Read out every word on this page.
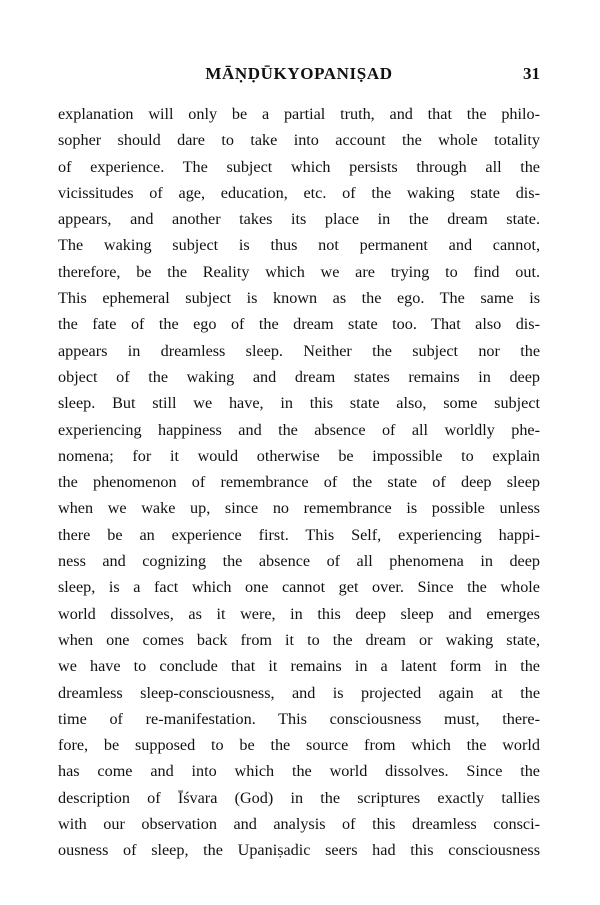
MĀṆḌŪKYOPANIṢAD	31
explanation will only be a partial truth, and that the philo-
sopher should dare to take into account the whole totality
of experience. The subject which persists through all the
vicissitudes of age, education, etc. of the waking state dis-
appears, and another takes its place in the dream state.
The waking subject is thus not permanent and cannot,
therefore, be the Reality which we are trying to find out.
This ephemeral subject is known as the ego. The same is
the fate of the ego of the dream state too. That also dis-
appears in dreamless sleep. Neither the subject nor the
object of the waking and dream states remains in deep
sleep. But still we have, in this state also, some subject
experiencing happiness and the absence of all worldly phe-
nomena; for it would otherwise be impossible to explain
the phenomenon of remembrance of the state of deep sleep
when we wake up, since no remembrance is possible unless
there be an experience first. This Self, experiencing happi-
ness and cognizing the absence of all phenomena in deep
sleep, is a fact which one cannot get over. Since the whole
world dissolves, as it were, in this deep sleep and emerges
when one comes back from it to the dream or waking state,
we have to conclude that it remains in a latent form in the
dreamless sleep-consciousness, and is projected again at the
time of re-manifestation. This consciousness must, there-
fore, be supposed to be the source from which the world
has come and into which the world dissolves. Since the
description of Īśvara (God) in the scriptures exactly tallies
with our observation and analysis of this dreamless consci-
ousness of sleep, the Upaniṣadic seers had this consciousness
